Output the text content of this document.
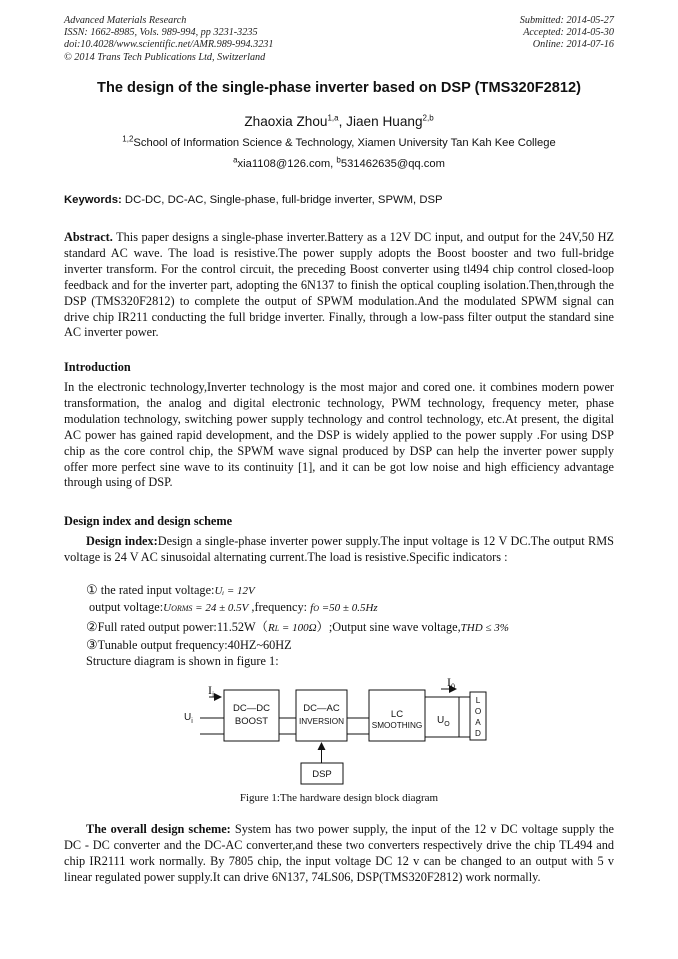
Advanced Materials Research
ISSN: 1662-8985, Vols. 989-994, pp 3231-3235
doi:10.4028/www.scientific.net/AMR.989-994.3231
© 2014 Trans Tech Publications Ltd, Switzerland
Submitted: 2014-05-27
Accepted: 2014-05-30
Online: 2014-07-16
The design of the single-phase inverter based on DSP (TMS320F2812)
Zhaoxia Zhou$^{1,a}$, Jiaen Huang$^{2,b}$
$^{1,2}$School of Information Science & Technology, Xiamen University Tan Kah Kee College
$^a$xia1108@126.com, $^b$531462635@qq.com
Keywords: DC-DC, DC-AC, Single-phase, full-bridge inverter, SPWM, DSP
Abstract. This paper designs a single-phase inverter.Battery as a 12V DC input, and output for the 24V,50 HZ standard AC wave. The load is resistive.The power supply adopts the Boost booster and two full-bridge inverter transform. For the control circuit, the preceding Boost converter using tl494 chip control closed-loop feedback and for the inverter part, adopting the 6N137 to finish the optical coupling isolation.Then,through the DSP (TMS320F2812) to complete the output of SPWM modulation.And the modulated SPWM signal can drive chip IR211 conducting the full bridge inverter. Finally, through a low-pass filter output the standard sine AC inverter power.
Introduction
In the electronic technology,Inverter technology is the most major and cored one. it combines modern power transformation, the analog and digital electronic technology, PWM technology, frequency meter, phase modulation technology, switching power supply technology and control technology, etc.At present, the digital AC power has gained rapid development, and the DSP is widely applied to the power supply .For using DSP chip as the core control chip, the SPWM wave signal produced by DSP can help the inverter power supply offer more perfect sine wave to its continuity [1], and it can be got low noise and high efficiency advantage through using of DSP.
Design index and design scheme
Design index:Design a single-phase inverter power supply.The input voltage is 12 V DC.The output RMS voltage is 24 V AC sinusoidal alternating current.The load is resistive.Specific indicators :
① the rated input voltage:Uᵢ = 12V
output voltage:UORMS = 24 ± 0.5V ,frequency: fO =50 ± 0.5Hz
②Full rated output power:11.52W（RL = 100Ω）;Output sine wave voltage,THD ≤ 3%
③Tunable output frequency:40HZ~60HZ
Structure diagram is shown in figure 1:
$I_i$
$U_i$
DC—DC
BOOST
DC—AC
INVERSION
LC
SMOOTHING
$I_0$
$U_O$
L
O
A
D
DSP
Figure 1:The hardware design block diagram
The overall design scheme: System has two power supply, the input of the 12 v DC voltage supply the DC - DC converter and the DC-AC converter,and these two converters respectively drive the chip TL494 and chip IR2111 work normally. By 7805 chip, the input voltage DC 12 v can be changed to an output with 5 v linear regulated power supply.It can drive 6N137, 74LS06, DSP(TMS320F2812) work normally.
